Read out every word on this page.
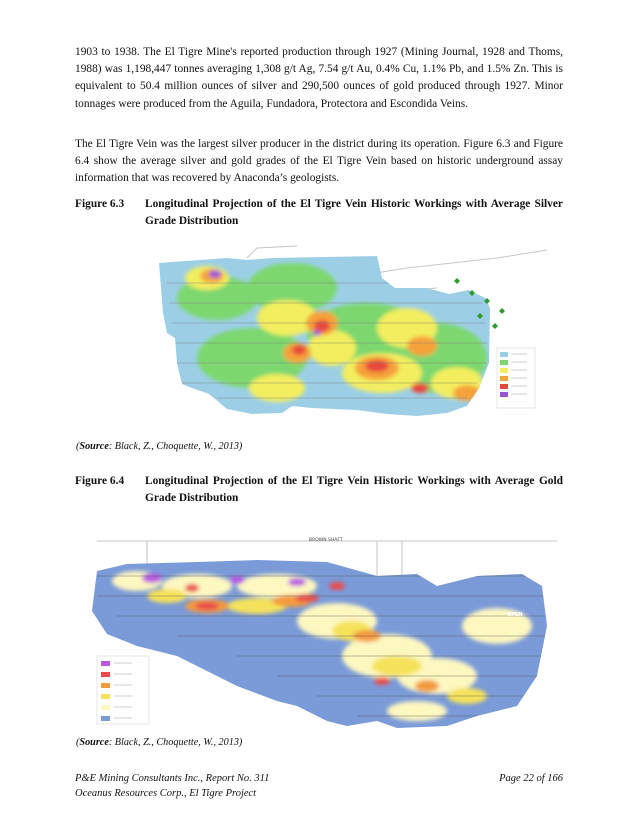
1903 to 1938. The El Tigre Mine's reported production through 1927 (Mining Journal, 1928 and Thoms, 1988) was 1,198,447 tonnes averaging 1,308 g/t Ag, 7.54 g/t Au, 0.4% Cu, 1.1% Pb, and 1.5% Zn. This is equivalent to 50.4 million ounces of silver and 290,500 ounces of gold produced through 1927. Minor tonnages were produced from the Aguila, Fundadora, Protectora and Escondida Veins.

The El Tigre Vein was the largest silver producer in the district during its operation. Figure 6.3 and Figure 6.4 show the average silver and gold grades of the El Tigre Vein based on historic underground assay information that was recovered by Anaconda’s geologists.

Figure 6.3	Longitudinal Projection of the El Tigre Vein Historic Workings with Average Silver Grade Distribution
(Source: Black, Z., Choquette, W., 2013)
Figure 6.4	Longitudinal Projection of the El Tigre Vein Historic Workings with Average Gold Grade Distribution
BROWN SHAFT
OPEN
(Source: Black, Z., Choquette, W., 2013)
P&E Mining Consultants Inc., Report No. 311
Oceanus Resources Corp., El Tigre Project
Page 22 of 166
